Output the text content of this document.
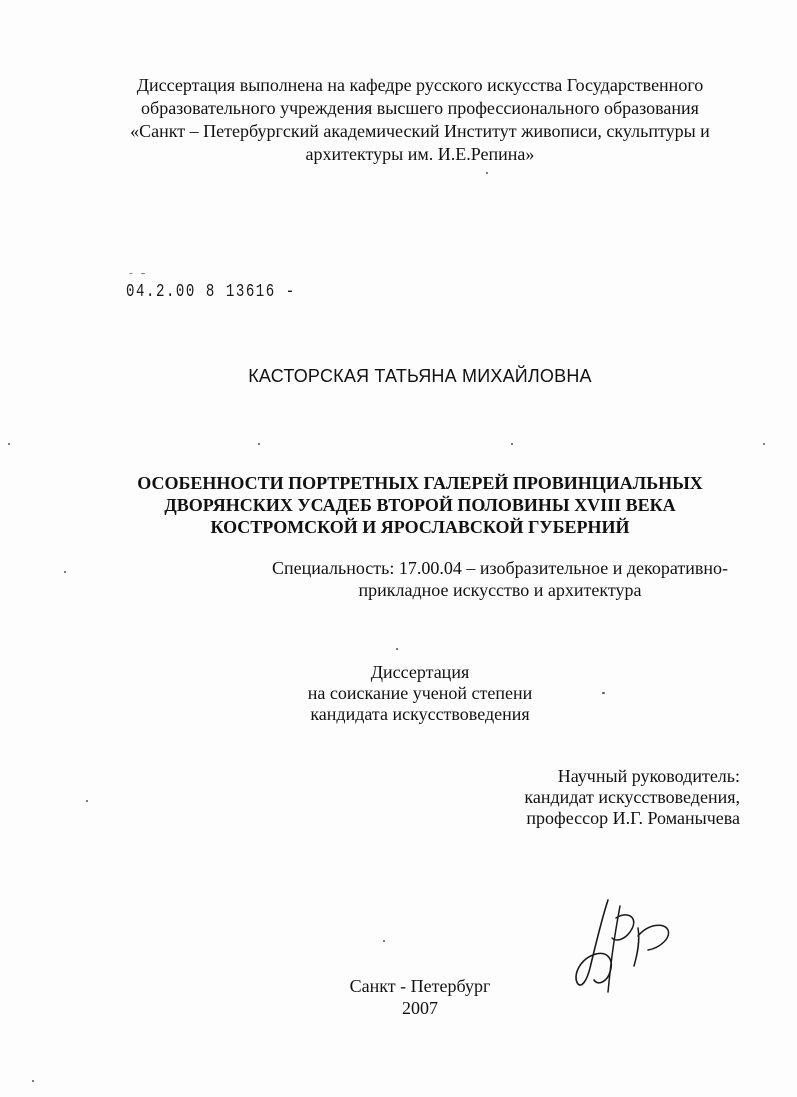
Диссертация выполнена на кафедре русского искусства Государственного
образовательного учреждения высшего профессионального образования
«Санкт – Петербургский академический Институт живописи, скульптуры и
архитектуры им. И.Е.Репина»

˘ ˜

04.2.00 8 13616 -

КАСТОРСКАЯ ТАТЬЯНА МИХАЙЛОВНА

ОСОБЕННОСТИ ПОРТРЕТНЫХ ГАЛЕРЕЙ ПРОВИНЦИАЛЬНЫХ
ДВОРЯНСКИХ УСАДЕБ ВТОРОЙ ПОЛОВИНЫ XVIII ВЕКА
КОСТРОМСКОЙ И ЯРОСЛАВСКОЙ ГУБЕРНИЙ

Специальность: 17.00.04 – изобразительное и декоративно-
прикладное искусство и архитектура

Диссертация
на соискание ученой степени
кандидата искусствоведения

Научный руководитель:
кандидат искусствоведения,
профессор И.Г. Романычева

Санкт - Петербург
2007
